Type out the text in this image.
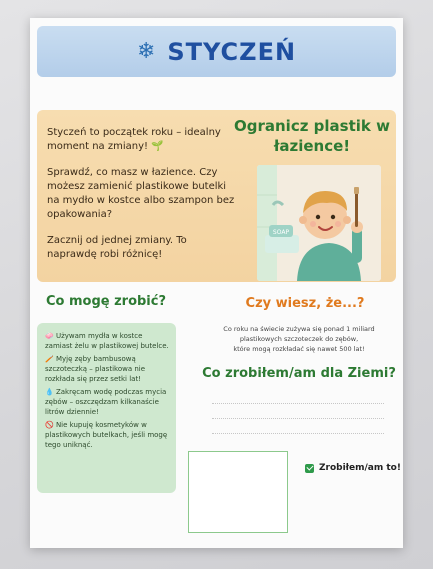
❄ STYCZEŃ

Styczeń to początek roku – idealny moment na zmiany! 🌱

Sprawdź, co masz w łazience. Czy możesz zamienić plastikowe butelki na mydło w kostce albo szampon bez opakowania?

Zacznij od jednej zmiany. To naprawdę robi różnicę!

Ogranicz plastik w łazience!
SOAP
Co mogę zrobić?	Czy wiesz, że...?
🧼 Używam mydła w kostce zamiast żelu w plastikowej butelce.
🪥 Myję zęby bambusową szczoteczką – plastikowa nie rozkłada się przez setki lat!
💧 Zakręcam wodę podczas mycia zębów – oszczędzam kilkanaście litrów dziennie!
🚫 Nie kupuję kosmetyków w plastikowych butelkach, jeśli mogę tego uniknąć.
Co roku na świecie zużywa się ponad 1 miliard
plastikowych szczoteczek do zębów,
które mogą rozkładać się nawet 500 lat!
Co zrobiłem/am dla Ziemi?
Zrobiłem/am to!
